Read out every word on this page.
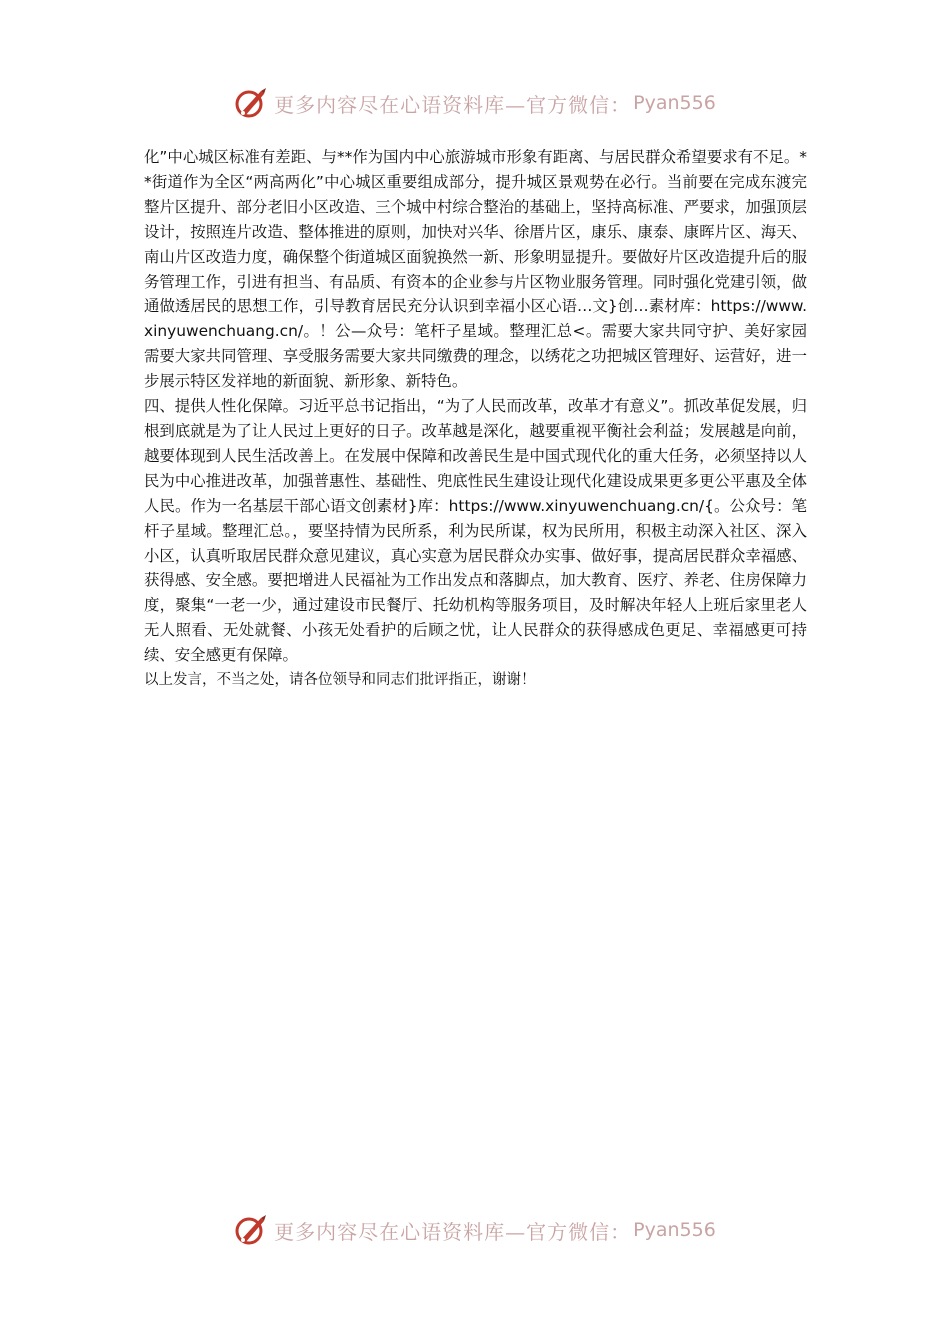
更多内容尽在心语资料库—官方微信： Pyan556

化”中心城区标准有差距、与**作为国内中心旅游城市形象有距离、与居民群众希望要求有不足。**街道作为全区“两高两化”中心城区重要组成部分，提升城区景观势在必行。当前要在完成东渡完整片区提升、部分老旧小区改造、三个城中村综合整治的基础上，坚持高标准、严要求，加强顶层设计，按照连片改造、整体推进的原则，加快对兴华、徐厝片区，康乐、康泰、康晖片区、海天、南山片区改造力度，确保整个街道城区面貌换然一新、形象明显提升。要做好片区改造提升后的服务管理工作，引进有担当、有品质、有资本的企业参与片区物业服务管理。同时强化党建引领，做通做透居民的思想工作，引导教育居民充分认识到幸福小区心语…文}创…素材库：https://www.xinyuwenchuang.cn/。！公—众号：笔杆子星域。整理汇总<。需要大家共同守护、美好家园需要大家共同管理、享受服务需要大家共同缴费的理念，以绣花之功把城区管理好、运营好，进一步展示特区发祥地的新面貌、新形象、新特色。

四、提供人性化保障。习近平总书记指出，“为了人民而改革，改革才有意义”。抓改革促发展，归根到底就是为了让人民过上更好的日子。改革越是深化，越要重视平衡社会利益；发展越是向前，越要体现到人民生活改善上。在发展中保障和改善民生是中国式现代化的重大任务，必须坚持以人民为中心推进改革，加强普惠性、基础性、兜底性民生建设让现代化建设成果更多更公平惠及全体人民。作为一名基层干部心语文创素材}库：https://www.xinyuwenchuang.cn/{。公众号：笔杆子星域。整理汇总。，要坚持情为民所系，利为民所谋，权为民所用，积极主动深入社区、深入小区，认真听取居民群众意见建议，真心实意为居民群众办实事、做好事，提高居民群众幸福感、获得感、安全感。要把增进人民福祉为工作出发点和落脚点，加大教育、医疗、养老、住房保障力度，聚集“一老一少，通过建设市民餐厅、托幼机构等服务项目，及时解决年轻人上班后家里老人无人照看、无处就餐、小孩无处看护的后顾之忧，让人民群众的获得感成色更足、幸福感更可持续、安全感更有保障。

以上发言，不当之处，请各位领导和同志们批评指正，谢谢！

更多内容尽在心语资料库—官方微信： Pyan556
